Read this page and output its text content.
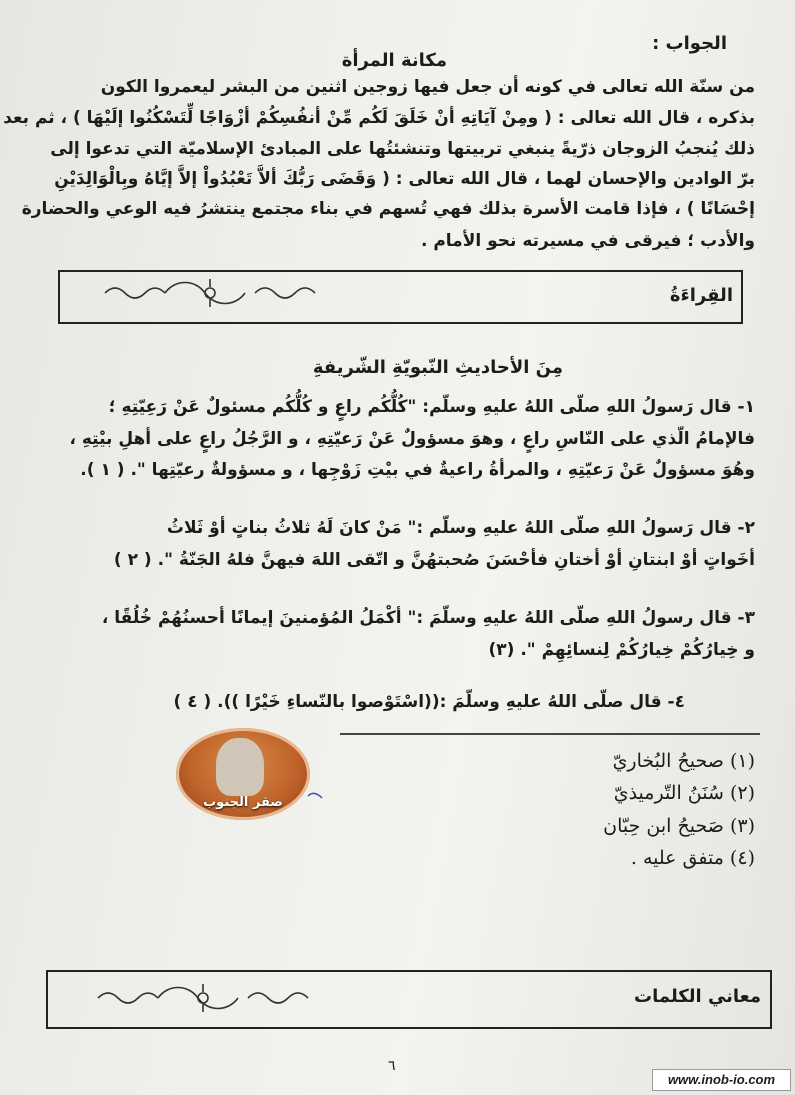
الجواب :
مكانة المرأة
من سنّة الله تعالى في كونه أن جعل فيها زوجين اثنين من البشر ليعمروا الكون
بذكره ، قال الله تعالى : ( ومِنْ آيَاتِهِ أنْ خَلَقَ لَكُم مِّنْ أنفُسِكُمْ أزْوَاجًا لِّتَسْكُنُوا إلَيْهَا ) ، ثم بعد
ذلك يُنجبُ الزوجان ذرّيةً ينبغي تربيتها وتنشئتُها على المبادئ الإسلاميّة التي تدعوا إلى
برّ الوادين والإحسان لهما ، قال الله تعالى : ( وَقَضَى رَبُّكَ ألاَّ تَعْبُدُواْ إلاَّ إيَّاهُ وبِالْوَالِدَيْنِ
إحْسَانًا ) ، فإذا قامت الأسرة بذلك فهي تُسهم في بناء مجتمع ينتشرُ فيه الوعي والحضارة
والأدب ؛ فيرقى في مسيرته نحو الأمام .
القِراءَةُ
مِنَ الأحاديثِ النّبويّةِ الشّريفةِ
١- قال رَسولُ اللهِ صلّى اللهُ عليهِ وسلّم: "كُلُّكُم راعٍ و كُلُّكُم مسئولٌ عَنْ رَعِيّتِهِ ؛
فالإمامُ الّذي على النّاسِ راعٍ ، وهوَ مسؤولٌ عَنْ رَعيّتِهِ ، و الرَّجُلُ راعٍ على أهلِ بيْتِهِ ،
وهُوَ مسؤولٌ عَنْ رَعيّتِهِ ، والمرأةُ راعيةٌ في بيْتِ زَوْجِها ، و مسؤولةٌ رعيّتِها ". ( ١ ).
٢- قال رَسولُ اللهِ صلّى اللهُ عليهِ وسلّم :" مَنْ كانَ لَهُ ثلاثُ بناتٍ أوْ ثَلاثُ
أخَواتٍ أوْ ابنتانِ أوْ أختانِ فأحْسَنَ صُحبتهُنَّ و اتّقى اللهَ فيهنَّ فلهُ الجَنّةُ ". ( ٢ )
٣- قال رسولُ اللهِ صلّى اللهُ عليهِ وسلّمَ :" أكْمَلُ المُؤمنينَ إيمانًا أحسنُهُمْ خُلُقًا ،
و خِيارُكُمْ خِيارُكُمْ لِنسائِهِمْ ". (٣)
٤- قال صلّى اللهُ عليهِ وسلّمَ :((اسْتَوْصوا بالنّساءِ خَيْرًا )). ( ٤ )
صقر الجنوب
(١) صحيحُ البُخاريّ
(٢) سُنَنُ التّرميذيّ
(٣) صَحيحُ ابن حِبّان
(٤) متفق عليه .
معاني الكلمات
٦
www.inob-io.com
